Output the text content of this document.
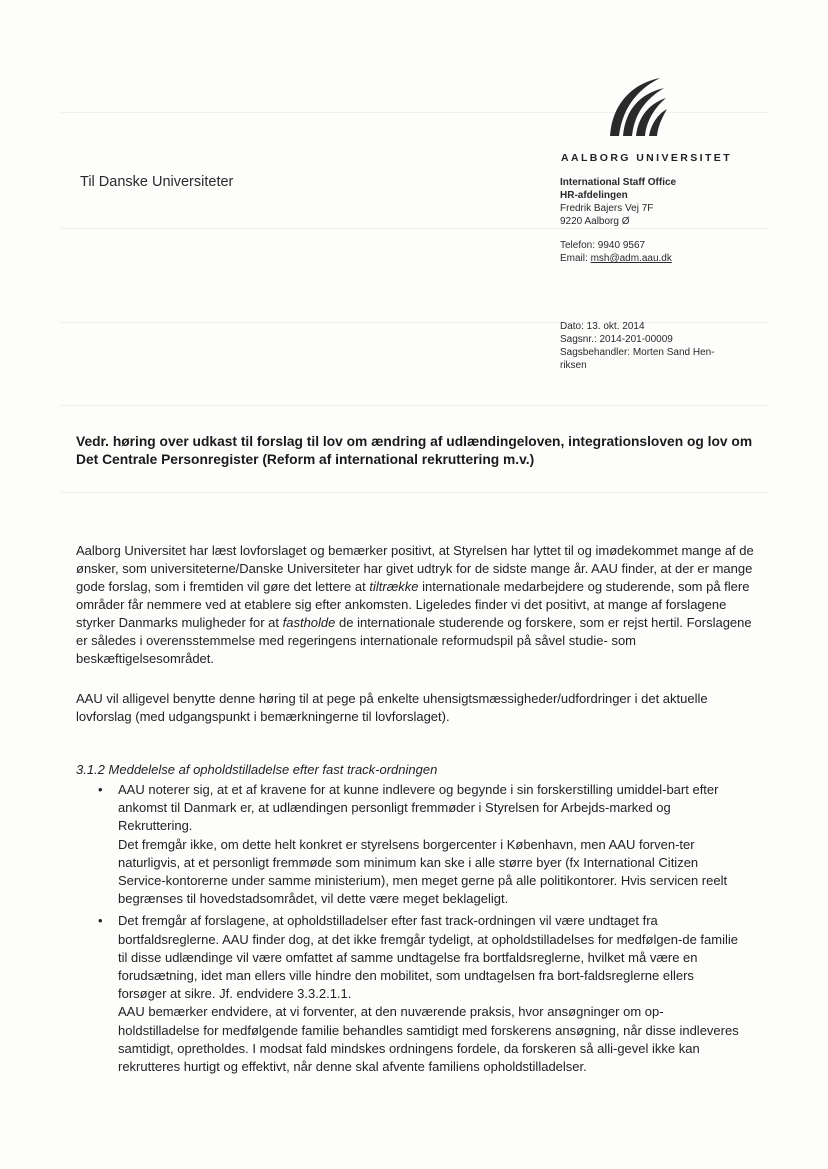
AALBORG UNIVERSITET
Til Danske Universiteter	International Staff Office
HR-afdelingen
Fredrik Bajers Vej 7F
9220 Aalborg Ø
Telefon: 9940 9567
Email: msh@adm.aau.dk
Dato: 13. okt. 2014
Sagsnr.: 2014-201-00009
Sagsbehandler: Morten Sand Hen-riksen
Vedr. høring over udkast til forslag til lov om ændring af udlændingeloven, integrationsloven og lov om Det Centrale Personregister (Reform af international rekruttering m.v.)
Aalborg Universitet har læst lovforslaget og bemærker positivt, at Styrelsen har lyttet til og imødekommet mange af de ønsker, som universiteterne/Danske Universiteter har givet udtryk for de sidste mange år. AAU finder, at der er mange gode forslag, som i fremtiden vil gøre det lettere at tiltrække internationale medarbejdere og studerende, som på flere områder får nemmere ved at etablere sig efter ankomsten. Ligeledes finder vi det positivt, at mange af forslagene styrker Danmarks muligheder for at fastholde de internationale studerende og forskere, som er rejst hertil. Forslagene er således i overensstemmelse med regeringens internationale reformudspil på såvel studie- som beskæftigelsesområdet.
AAU vil alligevel benytte denne høring til at pege på enkelte uhensigtsmæssigheder/udfordringer i det aktuelle lovforslag (med udgangspunkt i bemærkningerne til lovforslaget).
3.1.2 Meddelelse af opholdstilladelse efter fast track-ordningen
• AAU noterer sig, at et af kravene for at kunne indlevere og begynde i sin forskerstilling umiddel-bart efter ankomst til Danmark er, at udlændingen personligt fremmøder i Styrelsen for Arbejds-marked og Rekruttering.

Det fremgår ikke, om dette helt konkret er styrelsens borgercenter i København, men AAU forven-ter naturligvis, at et personligt fremmøde som minimum kan ske i alle større byer (fx International Citizen Service-kontorerne under samme ministerium), men meget gerne på alle politikontorer. Hvis servicen reelt begrænses til hovedstadsområdet, vil dette være meget beklageligt.

• Det fremgår af forslagene, at opholdstilladelser efter fast track-ordningen vil være undtaget fra bortfaldsreglerne. AAU finder dog, at det ikke fremgår tydeligt, at opholdstilladelses for medfølgen-de familie til disse udlændinge vil være omfattet af samme undtagelse fra bortfaldsreglerne, hvilket må være en forudsætning, idet man ellers ville hindre den mobilitet, som undtagelsen fra bort-faldsreglerne ellers forsøger at sikre. Jf. endvidere 3.3.2.1.1.

AAU bemærker endvidere, at vi forventer, at den nuværende praksis, hvor ansøgninger om op-holdstilladelse for medfølgende familie behandles samtidigt med forskerens ansøgning, når disse indleveres samtidigt, opretholdes. I modsat fald mindskes ordningens fordele, da forskeren så alli-gevel ikke kan rekrutteres hurtigt og effektivt, når denne skal afvente familiens opholdstilladelser.
